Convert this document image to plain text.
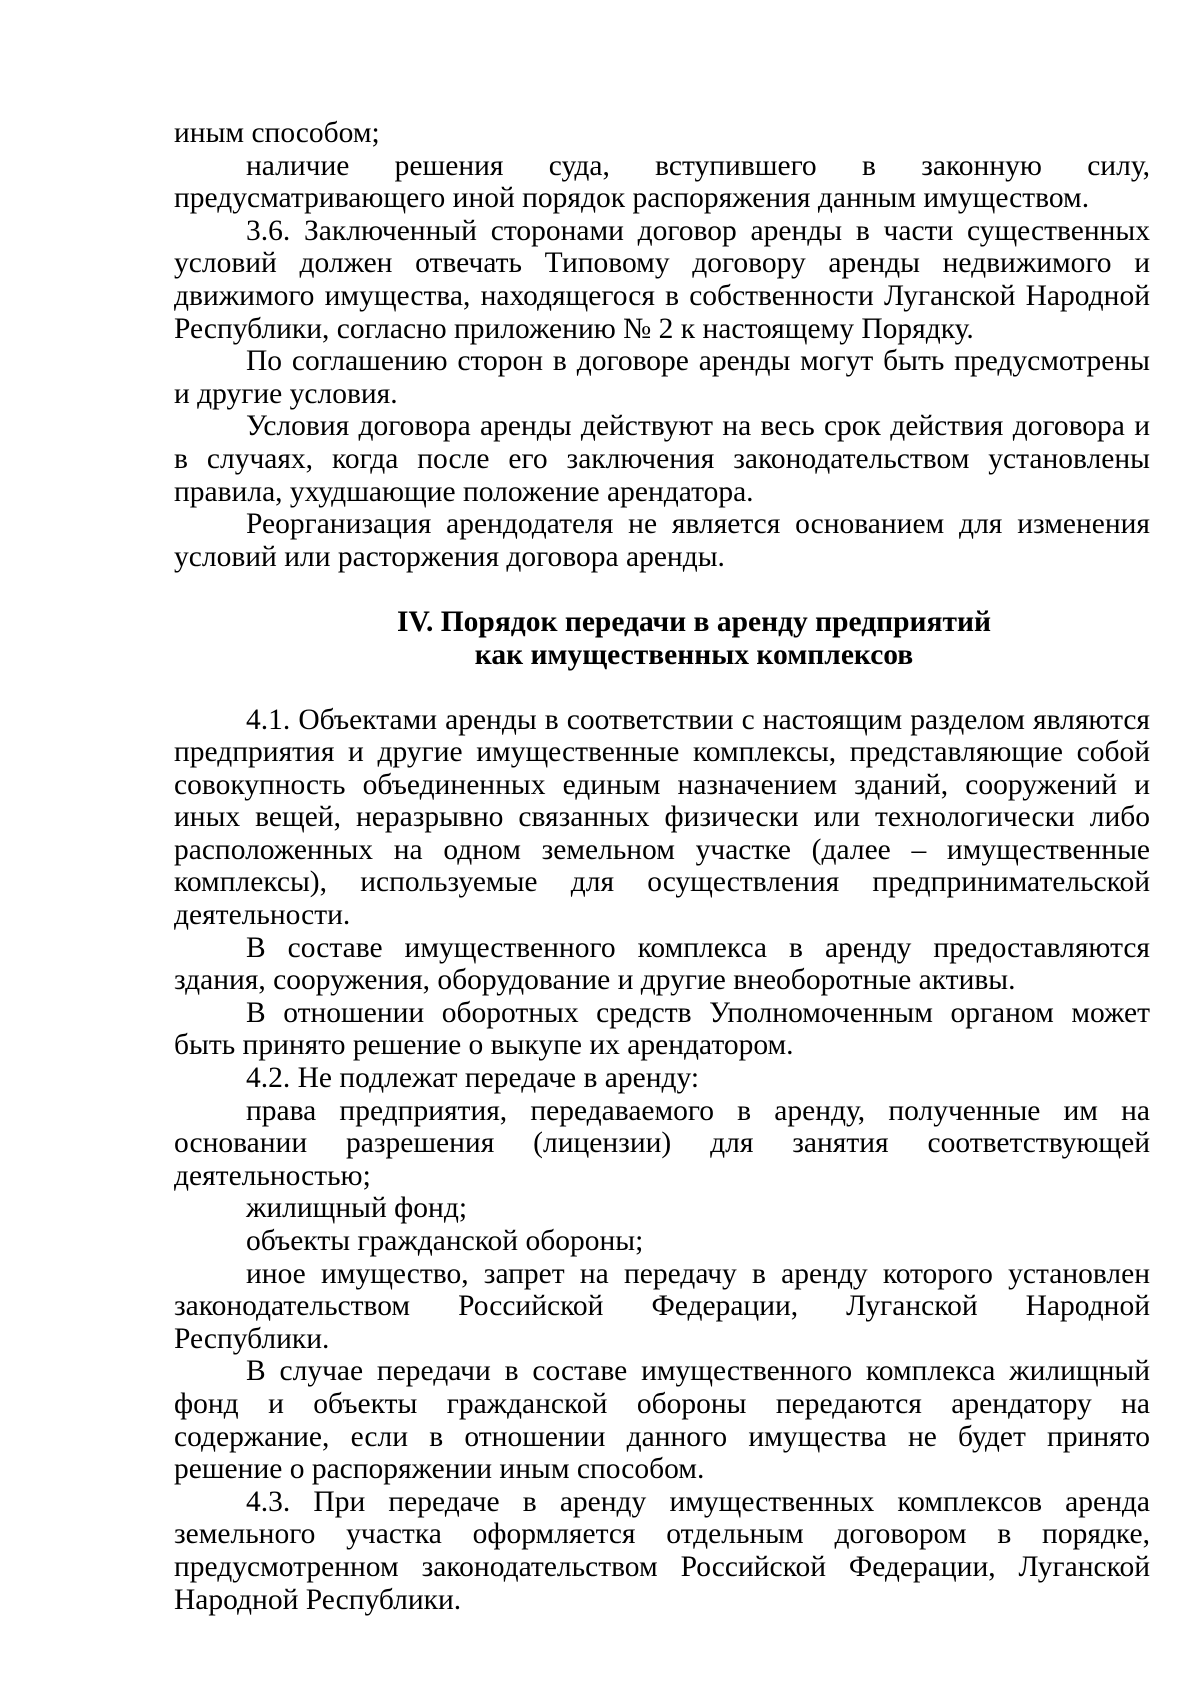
иным способом;

наличие решения суда, вступившего в законную силу, предусматривающего иной порядок распоряжения данным имуществом.

3.6. Заключенный сторонами договор аренды в части существенных условий должен отвечать Типовому договору аренды недвижимого и движимого имущества, находящегося в собственности Луганской Народной Республики, согласно приложению № 2 к настоящему Порядку.

По соглашению сторон в договоре аренды могут быть предусмотрены и другие условия.

Условия договора аренды действуют на весь срок действия договора и в случаях, когда после его заключения законодательством установлены правила, ухудшающие положение арендатора.

Реорганизация арендодателя не является основанием для изменения условий или расторжения договора аренды.

IV. Порядок передачи в аренду предприятий

как имущественных комплексов

4.1. Объектами аренды в соответствии с настоящим разделом являются предприятия и другие имущественные комплексы, представляющие собой совокупность объединенных единым назначением зданий, сооружений и иных вещей, неразрывно связанных физически или технологически либо расположенных на одном земельном участке (далее – имущественные комплексы), используемые для осуществления предпринимательской деятельности.

В составе имущественного комплекса в аренду предоставляются здания, сооружения, оборудование и другие внеоборотные активы.

В отношении оборотных средств Уполномоченным органом может быть принято решение о выкупе их арендатором.

4.2. Не подлежат передаче в аренду:

права предприятия, передаваемого в аренду, полученные им на основании разрешения (лицензии) для занятия соответствующей деятельностью;

жилищный фонд;

объекты гражданской обороны;

иное имущество, запрет на передачу в аренду которого установлен законодательством Российской Федерации, Луганской Народной Республики.

В случае передачи в составе имущественного комплекса жилищный фонд и объекты гражданской обороны передаются арендатору на содержание, если в отношении данного имущества не будет принято решение о распоряжении иным способом.

4.3. При передаче в аренду имущественных комплексов аренда земельного участка оформляется отдельным договором в порядке, предусмотренном законодательством Российской Федерации, Луганской Народной Республики.
